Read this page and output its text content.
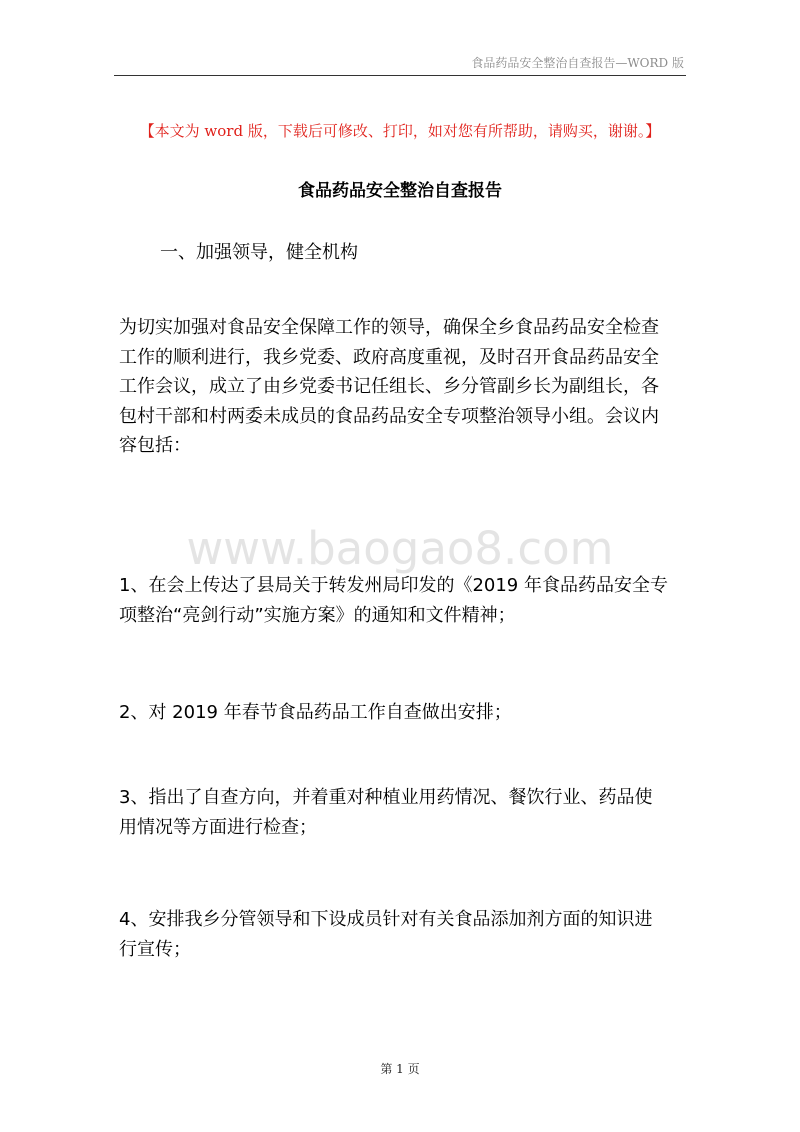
食品药品安全整治自查报告—WORD 版
【本文为 word 版，下载后可修改、打印，如对您有所帮助，请购买，谢谢。】
食品药品安全整治自查报告
一、加强领导，健全机构
www.baogao8.com
为切实加强对食品安全保障工作的领导，确保全乡食品药品安全检查
工作的顺利进行，我乡党委、政府高度重视，及时召开食品药品安全
工作会议，成立了由乡党委书记任组长、乡分管副乡长为副组长，各
包村干部和村两委未成员的食品药品安全专项整治领导小组。会议内
容包括：
1、在会上传达了县局关于转发州局印发的《2019 年食品药品安全专
项整治“亮剑行动”实施方案》的通知和文件精神；
2、对 2019 年春节食品药品工作自查做出安排；
3、指出了自查方向，并着重对种植业用药情况、餐饮行业、药品使
用情况等方面进行检查；
4、安排我乡分管领导和下设成员针对有关食品添加剂方面的知识进
行宣传；
第 1 页
